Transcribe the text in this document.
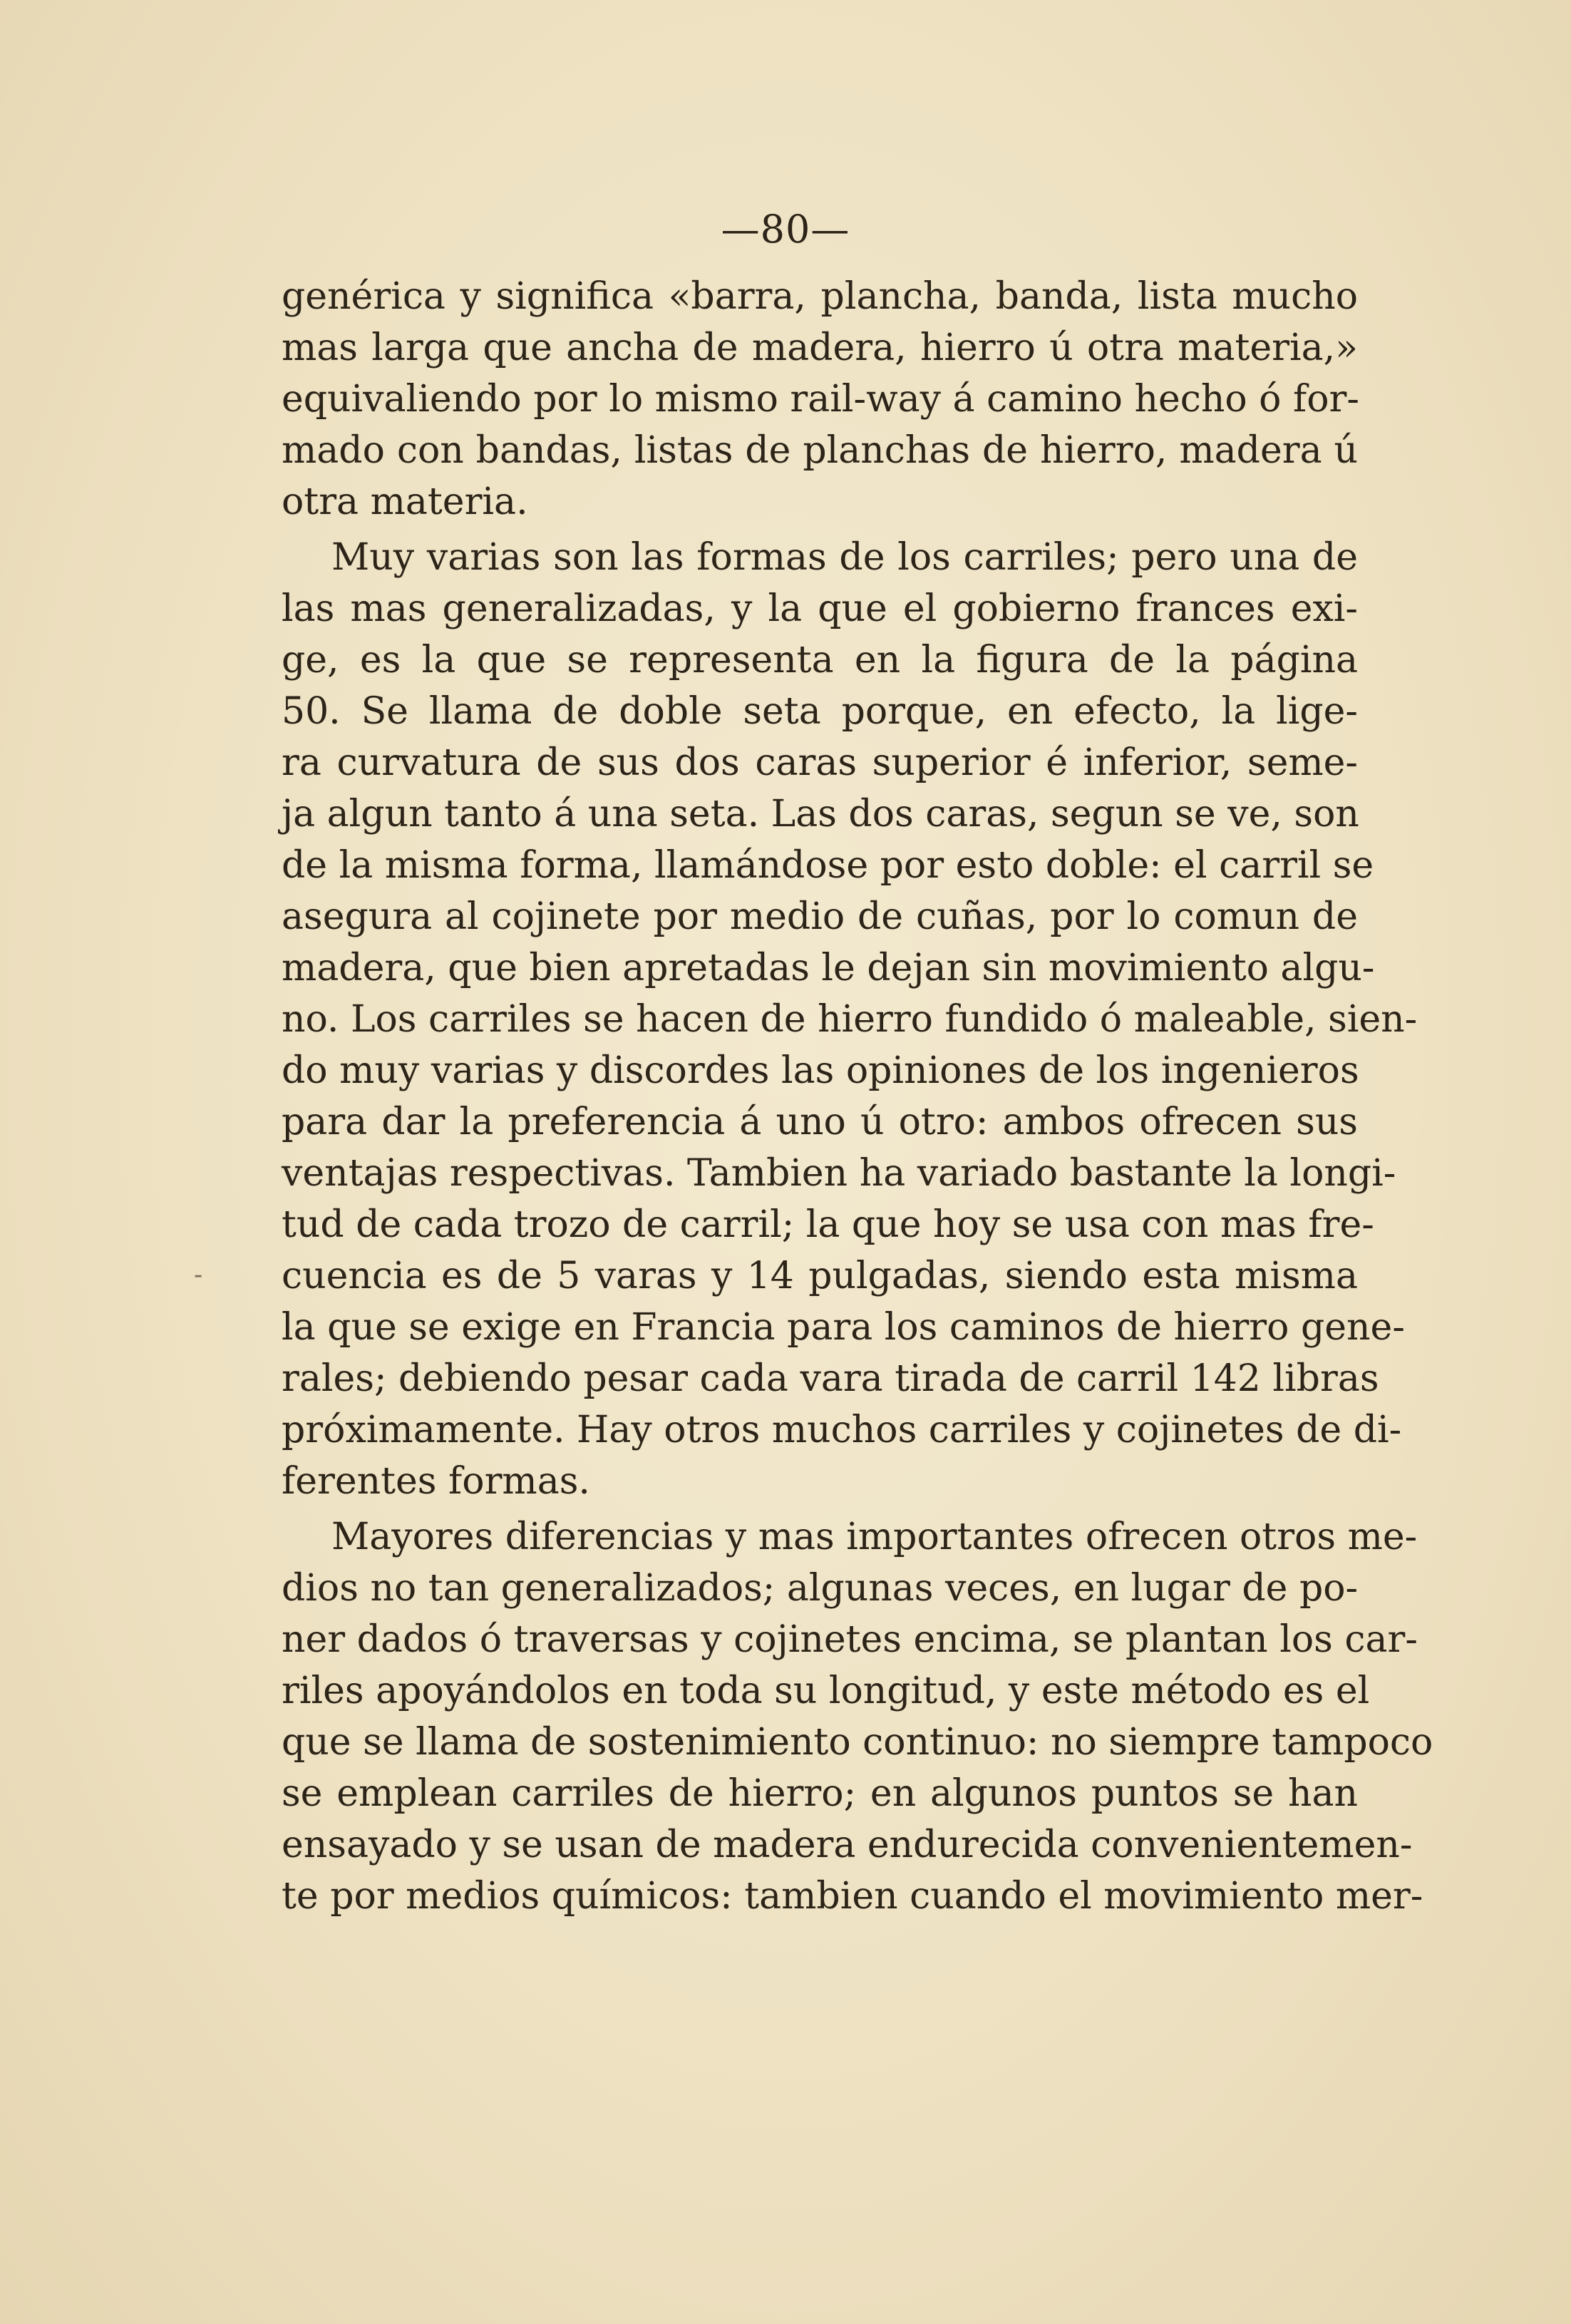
—80—
genérica y significa «barra, plancha, banda, lista mucho
mas larga que ancha de madera, hierro ú otra materia,»
equivaliendo por lo mismo rail-way á camino hecho ó for-
mado con bandas, listas de planchas de hierro, madera ú
otra materia.
Muy varias son las formas de los carriles; pero una de
las mas generalizadas, y la que el gobierno frances exi-
ge, es la que se representa en la figura de la página
50. Se llama de doble seta porque, en efecto, la lige-
ra curvatura de sus dos caras superior é inferior, seme-
ja algun tanto á una seta. Las dos caras, segun se ve, son
de la misma forma, llamándose por esto doble: el carril se
asegura al cojinete por medio de cuñas, por lo comun de
madera, que bien apretadas le dejan sin movimiento algu-
no. Los carriles se hacen de hierro fundido ó maleable, sien-
do muy varias y discordes las opiniones de los ingenieros
para dar la preferencia á uno ú otro: ambos ofrecen sus
ventajas respectivas. Tambien ha variado bastante la longi-
tud de cada trozo de carril; la que hoy se usa con mas fre-
cuencia es de 5 varas y 14 pulgadas, siendo esta misma
la que se exige en Francia para los caminos de hierro gene-
rales; debiendo pesar cada vara tirada de carril 142 libras
próximamente. Hay otros muchos carriles y cojinetes de di-
ferentes formas.
Mayores diferencias y mas importantes ofrecen otros me-
dios no tan generalizados; algunas veces, en lugar de po-
ner dados ó traversas y cojinetes encima, se plantan los car-
riles apoyándolos en toda su longitud, y este método es el
que se llama de sostenimiento continuo: no siempre tampoco
se emplean carriles de hierro; en algunos puntos se han
ensayado y se usan de madera endurecida convenientemen-
te por medios químicos: tambien cuando el movimiento mer-
-
